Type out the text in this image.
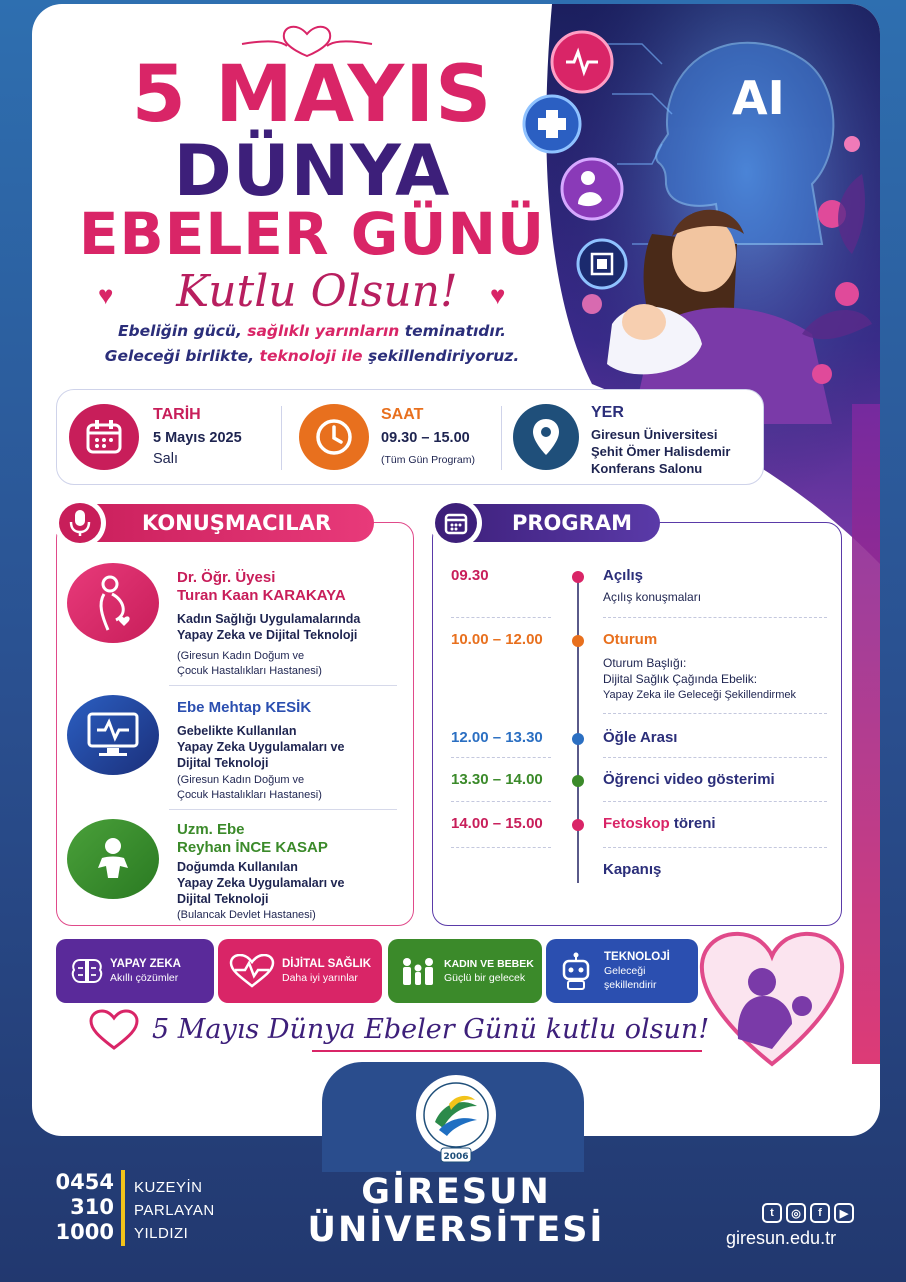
AI
5 MAYIS
DÜNYA
EBELER GÜNÜ
♥	Kutlu Olsun!	♥
Ebeliğin gücü, sağlıklı yarınların teminatıdır.
Geleceği birlikte, teknoloji ile şekillendiriyoruz.
TARİH
5 Mayıs 2025
Salı
SAAT
09.30 – 15.00
(Tüm Gün Program)
YER
Giresun Üniversitesi
Şehit Ömer Halisdemir
Konferans Salonu
Dr. Öğr. Üyesi
Turan Kaan KARAKAYA
Kadın Sağlığı Uygulamalarında
Yapay Zeka ve Dijital Teknoloji
(Giresun Kadın Doğum ve
Çocuk Hastalıkları Hastanesi)
Ebe Mehtap KESİK
Gebelikte Kullanılan
Yapay Zeka Uygulamaları ve
Dijital Teknoloji
(Giresun Kadın Doğum ve
Çocuk Hastalıkları Hastanesi)
Uzm. Ebe
Reyhan İNCE KASAP
Doğumda Kullanılan
Yapay Zeka Uygulamaları ve
Dijital Teknoloji
(Bulancak Devlet Hastanesi)
KONUŞMACILAR
09.30	Açılış
Açılış konuşmaları
10.00 – 12.00	Oturum
Oturum Başlığı:
Dijital Sağlık Çağında Ebelik:
Yapay Zeka ile Geleceği Şekillendirmek
12.00 – 13.30	Öğle Arası
13.30 – 14.00	Öğrenci video gösterimi
14.00 – 15.00	Fetoskop töreni
Kapanış
PROGRAM
YAPAY ZEKA
Akıllı çözümler
DİJİTAL SAĞLIK
Daha iyi yarınlar
KADIN VE BEBEK
Güçlü bir gelecek
TEKNOLOJİ
Geleceği
şekillendirir
5 Mayıs Dünya Ebeler Günü kutlu olsun!
2006
0454
310
1000
KUZEYİN
PARLAYAN
YILDIZI
GİRESUN
ÜNİVERSİTESİ	t	◎	f	▶
giresun.edu.tr
